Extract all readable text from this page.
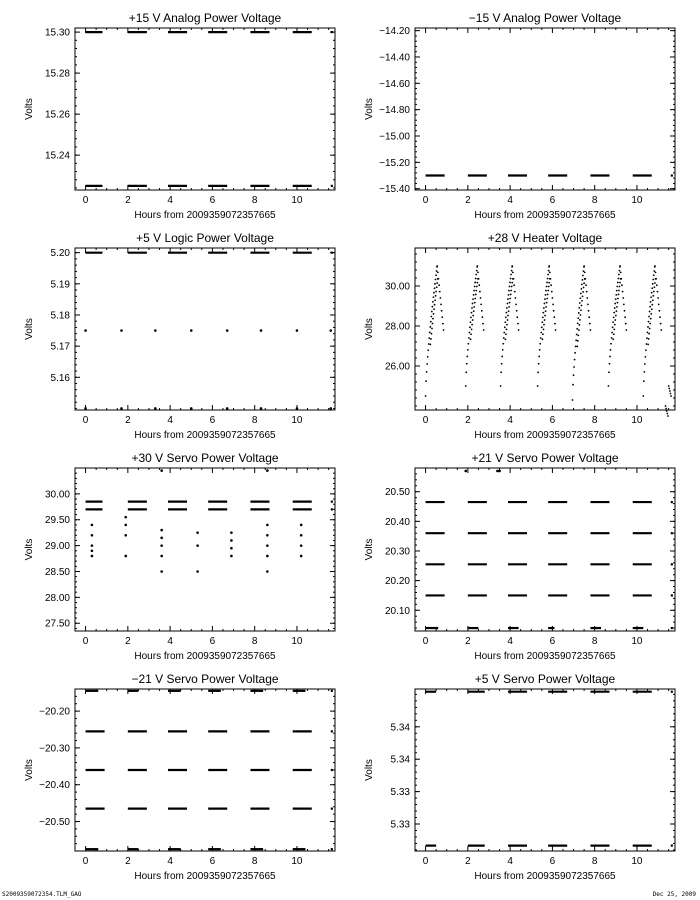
+15 V Analog Power Voltage
0	2	4	6	8	10
15.24
15.26
15.28
15.30
Hours from 2009359072357665
Volts
−15 V Analog Power Voltage
0	2	4	6	8	10
−15.40
−15.20
−15.00
−14.80
−14.60
−14.40
−14.20
Hours from 2009359072357665
Volts
+5 V Logic Power Voltage
0	2	4	6	8	10
5.16
5.17
5.18
5.19
5.20
Hours from 2009359072357665
Volts
+28 V Heater Voltage
0	2	4	6	8	10
26.00
28.00
30.00
Hours from 2009359072357665
Volts
+30 V Servo Power Voltage
0	2	4	6	8	10
27.50
28.00
28.50
29.00
29.50
30.00
Hours from 2009359072357665
Volts
+21 V Servo Power Voltage
0	2	4	6	8	10
20.10
20.20
20.30
20.40
20.50
Hours from 2009359072357665
Volts
−21 V Servo Power Voltage
0	2	4	6	8	10
−20.50
−20.40
−20.30
−20.20
Hours from 2009359072357665
Volts
+5 V Servo Power Voltage
0	2	4	6	8	10
5.33
5.33
5.34
5.34
Hours from 2009359072357665
Volts
S2009359072354.TLM_GAO	Dec 25, 2009
